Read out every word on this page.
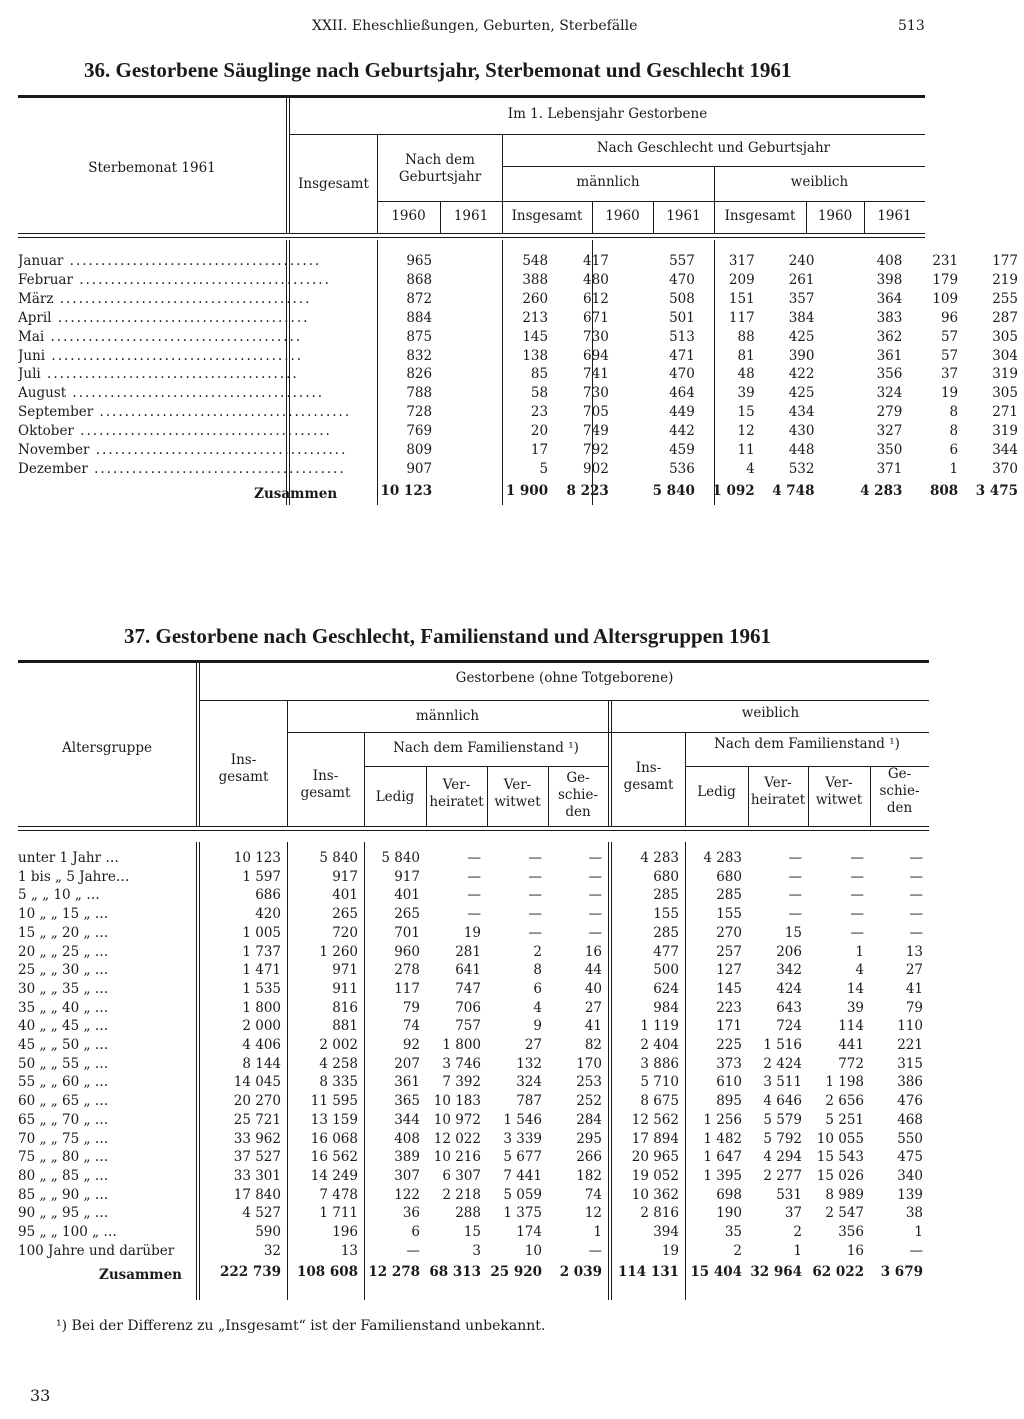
XXII. Eheschließungen, Geburten, Sterbefälle	513
36. Gestorbene Säuglinge nach Geburtsjahr, Sterbemonat und Geschlecht 1961
Sterbemonat 1961
Im 1. Lebensjahr Gestorbene
Insgesamt
Nach dem Geburtsjahr
Nach Geschlecht und Geburtsjahr
männlich	weiblich
1960	1961	Insgesamt	1960	1961	Insgesamt	1960	1961
Januar ........................................	965	548	417	557	317	240	408	231	177
Februar ........................................	868	388	480	470	209	261	398	179	219
März ........................................	872	260	612	508	151	357	364	109	255
April ........................................	884	213	671	501	117	384	383	96	287
Mai ........................................	875	145	730	513	88	425	362	57	305
Juni ........................................	832	138	694	471	81	390	361	57	304
Juli ........................................	826	85	741	470	48	422	356	37	319
August ........................................	788	58	730	464	39	425	324	19	305
September ........................................	728	23	705	449	15	434	279	8	271
Oktober ........................................	769	20	749	442	12	430	327	8	319
November ........................................	809	17	792	459	11	448	350	6	344
Dezember ........................................	907	5	902	536	4	532	371	1	370
Zusammen	10 123	1 900	8 223	5 840	1 092	4 748	4 283	808	3 475
37. Gestorbene nach Geschlecht, Familienstand und Altersgruppen 1961
Altersgruppe
Gestorbene (ohne Totgeborene)
männlich	weiblich
Ins-
gesamt	Ins-
gesamt
Nach dem Familienstand ¹)
Ledig
Ver-
heiratet
Ver-
witwet
Ge-
schie-
den
Ins-
gesamt
Nach dem Familienstand ¹)
Ledig
Ver-
heiratet
Ver-
witwet
Ge-
schie-
den
unter 1 Jahr …	10 123	5 840	5 840	—	—	—	4 283	4 283	—	—	—
1 bis „ 5 Jahre…	1 597	917	917	—	—	—	680	680	—	—	—
5 „ „ 10 „ …	686	401	401	—	—	—	285	285	—	—	—
10 „ „ 15 „ …	420	265	265	—	—	—	155	155	—	—	—
15 „ „ 20 „ …	1 005	720	701	19	—	—	285	270	15	—	—
20 „ „ 25 „ …	1 737	1 260	960	281	2	16	477	257	206	1	13
25 „ „ 30 „ …	1 471	971	278	641	8	44	500	127	342	4	27
30 „ „ 35 „ …	1 535	911	117	747	6	40	624	145	424	14	41
35 „ „ 40 „ …	1 800	816	79	706	4	27	984	223	643	39	79
40 „ „ 45 „ …	2 000	881	74	757	9	41	1 119	171	724	114	110
45 „ „ 50 „ …	4 406	2 002	92	1 800	27	82	2 404	225	1 516	441	221
50 „ „ 55 „ …	8 144	4 258	207	3 746	132	170	3 886	373	2 424	772	315
55 „ „ 60 „ …	14 045	8 335	361	7 392	324	253	5 710	610	3 511	1 198	386
60 „ „ 65 „ …	20 270	11 595	365	10 183	787	252	8 675	895	4 646	2 656	476
65 „ „ 70 „ …	25 721	13 159	344	10 972	1 546	284	12 562	1 256	5 579	5 251	468
70 „ „ 75 „ …	33 962	16 068	408	12 022	3 339	295	17 894	1 482	5 792	10 055	550
75 „ „ 80 „ …	37 527	16 562	389	10 216	5 677	266	20 965	1 647	4 294	15 543	475
80 „ „ 85 „ …	33 301	14 249	307	6 307	7 441	182	19 052	1 395	2 277	15 026	340
85 „ „ 90 „ …	17 840	7 478	122	2 218	5 059	74	10 362	698	531	8 989	139
90 „ „ 95 „ …	4 527	1 711	36	288	1 375	12	2 816	190	37	2 547	38
95 „ „ 100 „ …	590	196	6	15	174	1	394	35	2	356	1
100 Jahre und darüber	32	13	—	3	10	—	19	2	1	16	—
Zusammen	222 739	108 608	12 278	68 313	25 920	2 039	114 131	15 404	32 964	62 022	3 679
¹) Bei der Differenz zu „Insgesamt“ ist der Familienstand unbekannt.
33
